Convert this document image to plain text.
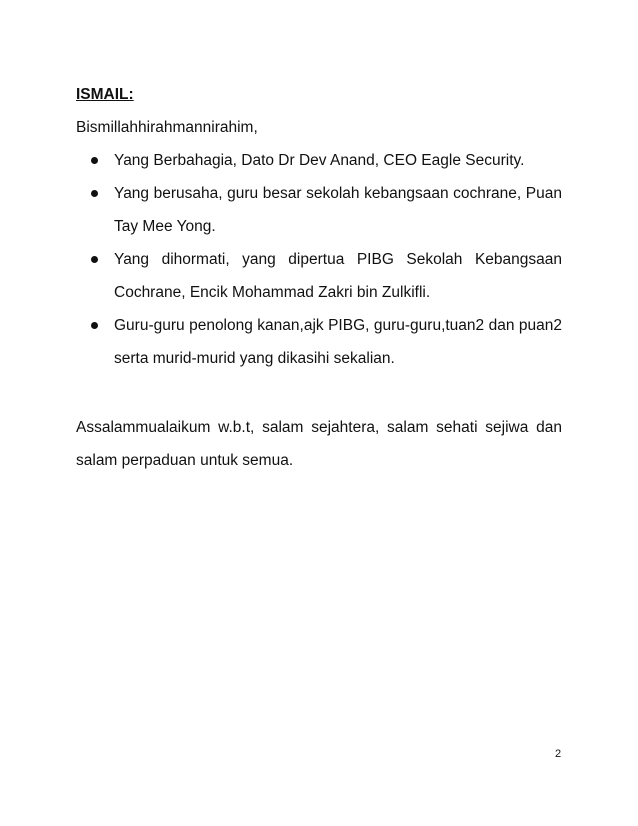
ISMAIL:

Bismillahhirahmannirahim,

Yang Berbahagia, Dato Dr Dev Anand, CEO Eagle Security.
Yang berusaha, guru besar sekolah kebangsaan cochrane, Puan Tay Mee Yong.
Yang dihormati, yang dipertua PIBG Sekolah Kebangsaan Cochrane, Encik Mohammad Zakri bin Zulkifli.
Guru-guru penolong kanan,ajk PIBG, guru-guru,tuan2 dan puan2 serta murid-murid yang dikasihi sekalian.

Assalammualaikum w.b.t, salam sejahtera, salam sehati sejiwa dan salam perpaduan untuk semua.

2
